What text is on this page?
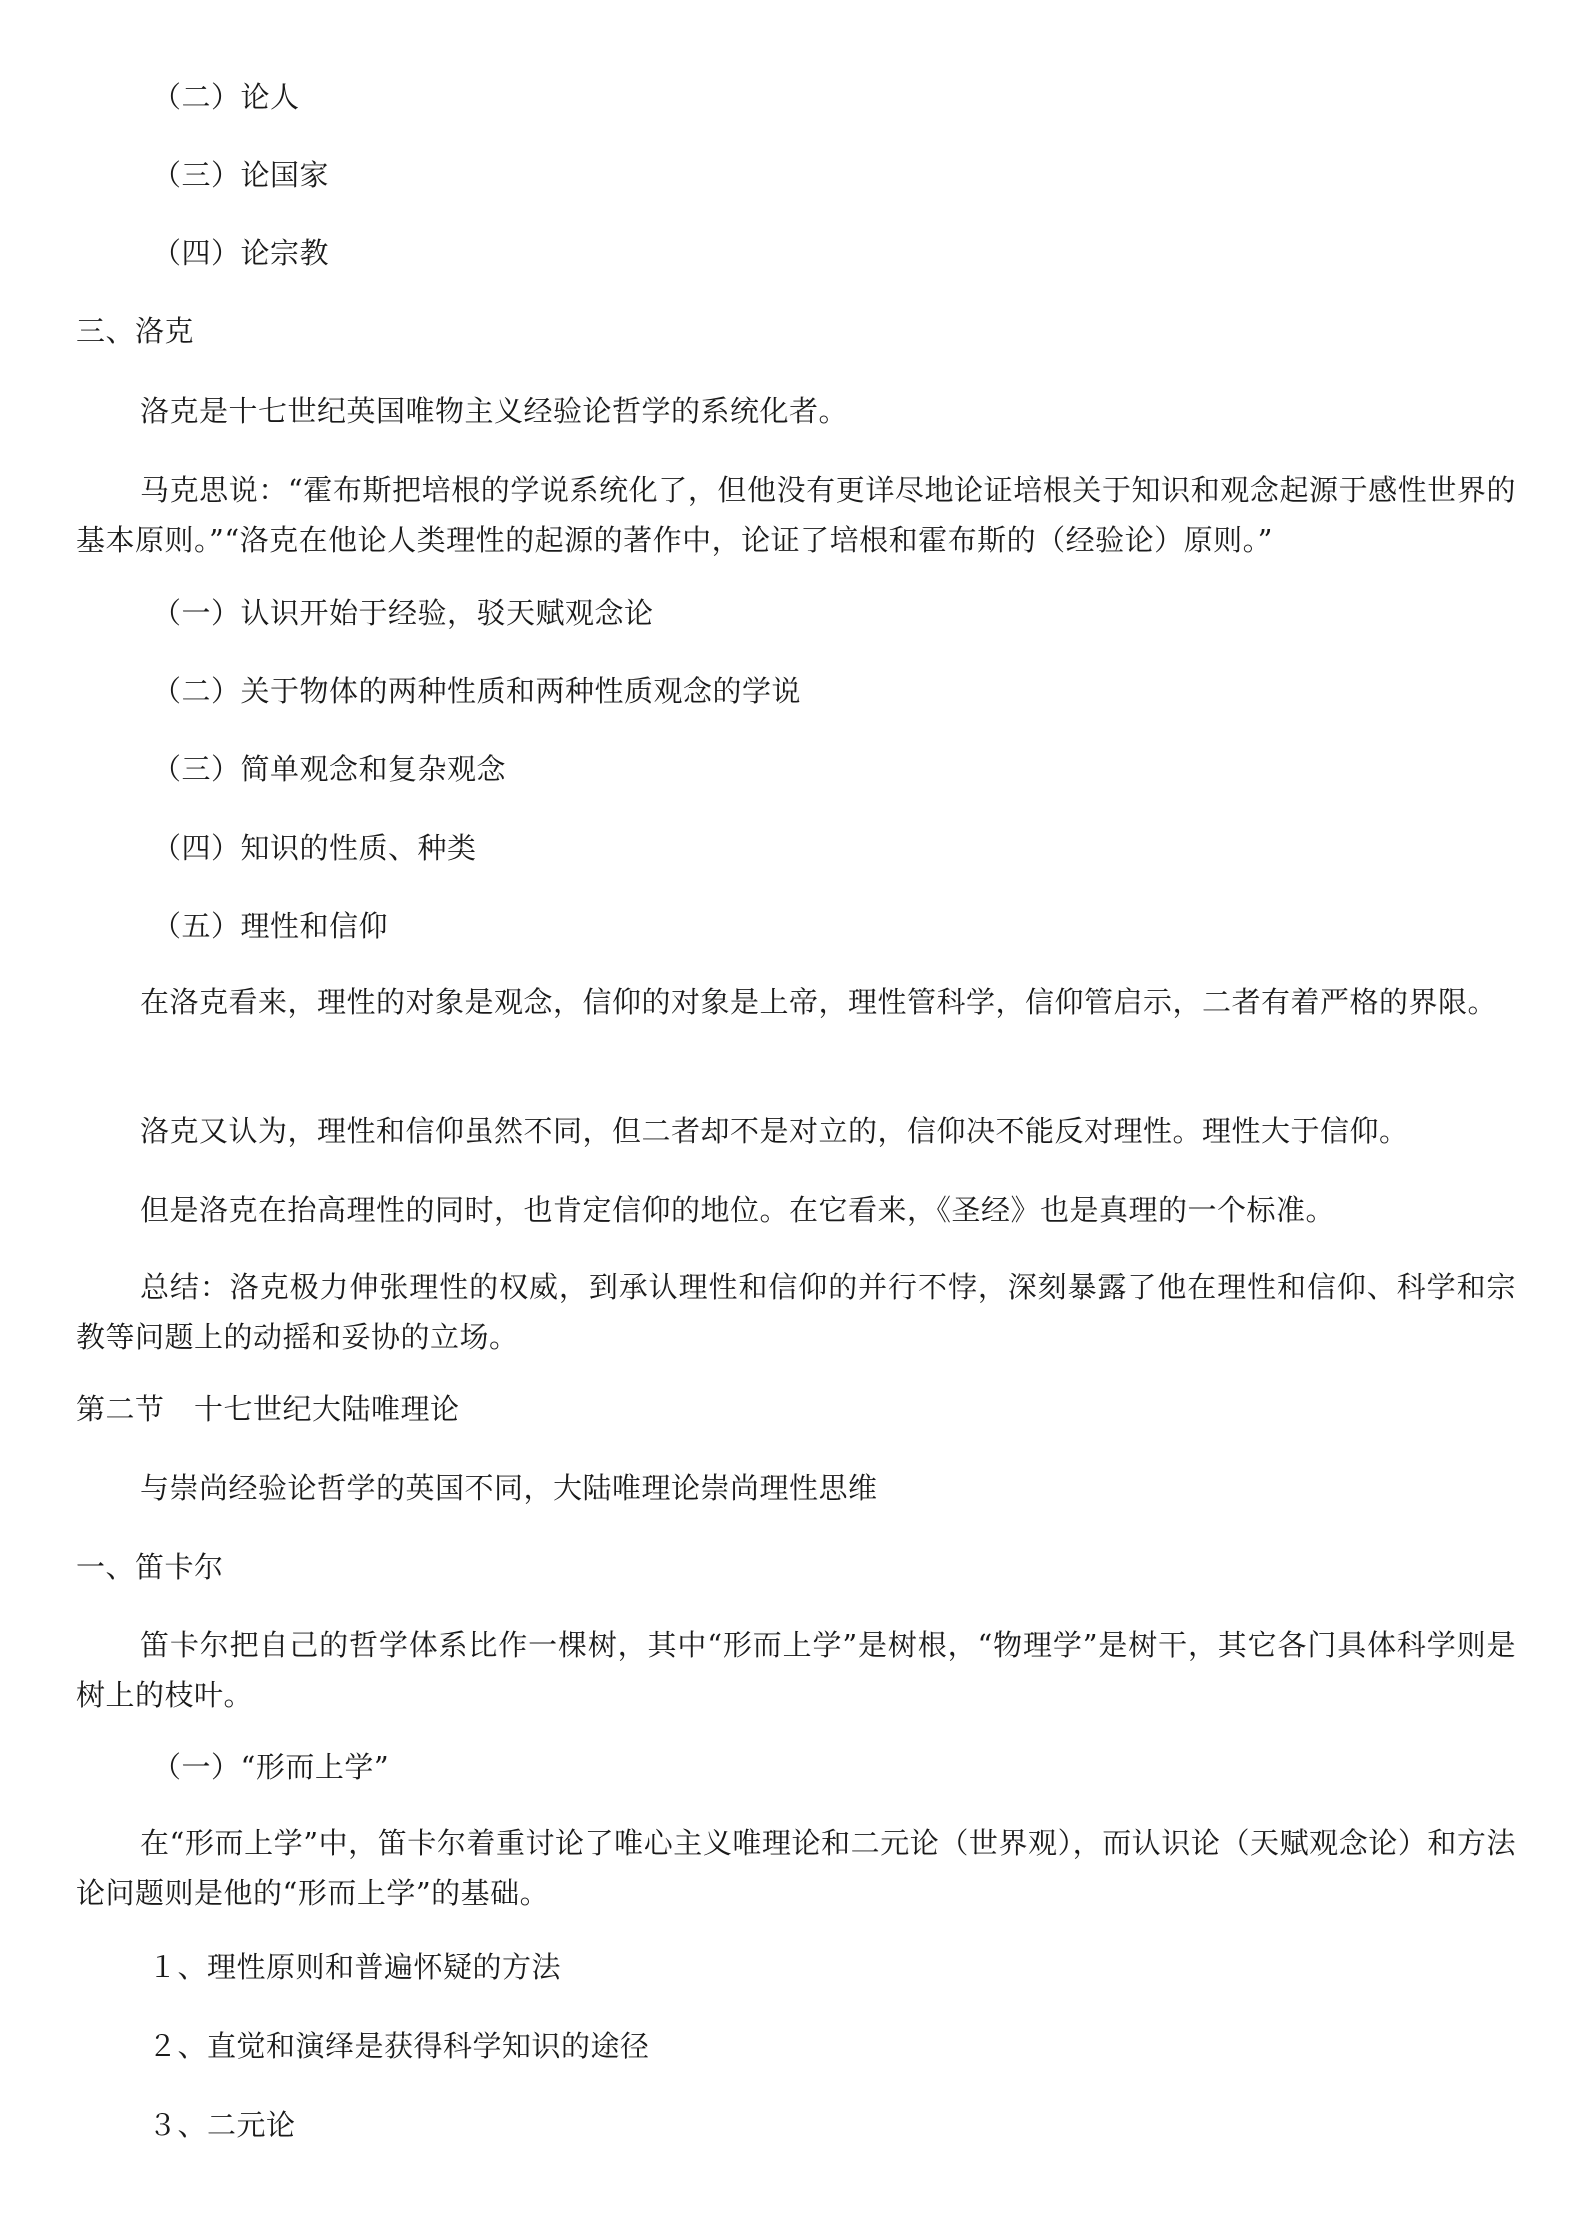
（二）论人
（三）论国家
（四）论宗教
三、洛克
洛克是十七世纪英国唯物主义经验论哲学的系统化者。
马克思说：“霍布斯把培根的学说系统化了，但他没有更详尽地论证培根关于知识和观念起源于感性世界的基本原则。”“洛克在他论人类理性的起源的著作中，论证了培根和霍布斯的（经验论）原则。”
（一）认识开始于经验，驳天赋观念论
（二）关于物体的两种性质和两种性质观念的学说
（三）简单观念和复杂观念
（四）知识的性质、种类
（五）理性和信仰
在洛克看来，理性的对象是观念，信仰的对象是上帝，理性管科学，信仰管启示，二者有着严格的界限。
洛克又认为，理性和信仰虽然不同，但二者却不是对立的，信仰决不能反对理性。理性大于信仰。
但是洛克在抬高理性的同时，也肯定信仰的地位。在它看来，《圣经》也是真理的一个标准。
总结：洛克极力伸张理性的权威，到承认理性和信仰的并行不悖，深刻暴露了他在理性和信仰、科学和宗教等问题上的动摇和妥协的立场。
第二节　十七世纪大陆唯理论
与崇尚经验论哲学的英国不同，大陆唯理论崇尚理性思维
一、笛卡尔
笛卡尔把自己的哲学体系比作一棵树，其中“形而上学”是树根，“物理学”是树干，其它各门具体科学则是树上的枝叶。
（一）“形而上学”
在“形而上学”中，笛卡尔着重讨论了唯心主义唯理论和二元论（世界观），而认识论（天赋观念论）和方法论问题则是他的“形而上学”的基础。
１、理性原则和普遍怀疑的方法
２、直觉和演绎是获得科学知识的途径
３、二元论
